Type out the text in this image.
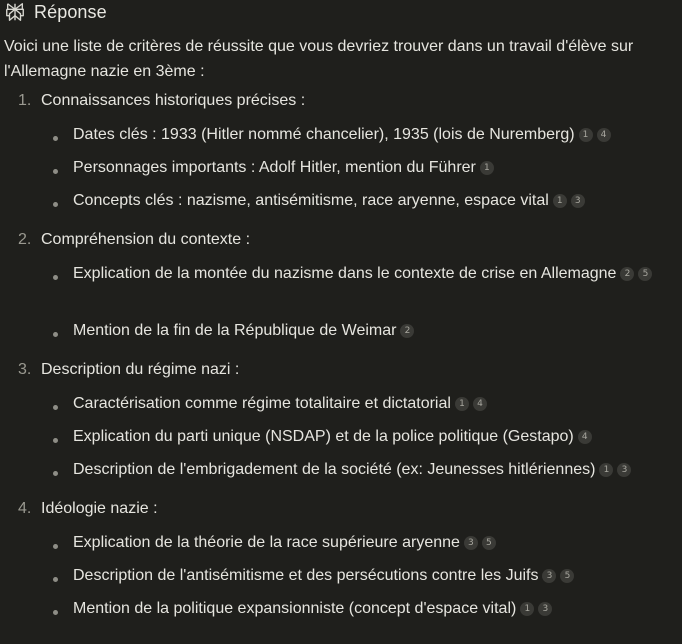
Réponse
Voici une liste de critères de réussite que vous devriez trouver dans un travail d'élève sur l'Allemagne nazie en 3ème :
1. Connaissances historiques précises :
Dates clés : 1933 (Hitler nommé chancelier), 1935 (lois de Nuremberg) 1 4
Personnages importants : Adolf Hitler, mention du Führer 1
Concepts clés : nazisme, antisémitisme, race aryenne, espace vital 1 3
2. Compréhension du contexte :
Explication de la montée du nazisme dans le contexte de crise en Allemagne 2 5
Mention de la fin de la République de Weimar 2
3. Description du régime nazi :
Caractérisation comme régime totalitaire et dictatorial 1 4
Explication du parti unique (NSDAP) et de la police politique (Gestapo) 4
Description de l'embrigadement de la société (ex: Jeunesses hitlériennes) 1 3
4. Idéologie nazie :
Explication de la théorie de la race supérieure aryenne 3 5
Description de l'antisémitisme et des persécutions contre les Juifs 3 5
Mention de la politique expansionniste (concept d'espace vital) 1 3
